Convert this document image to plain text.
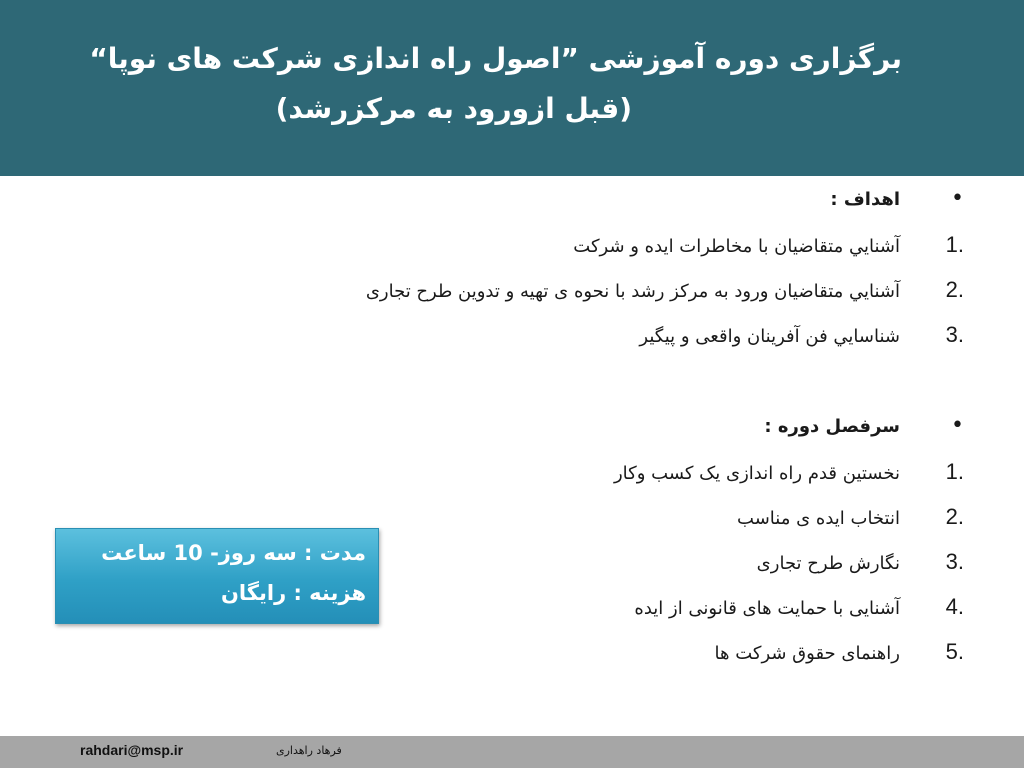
برگزاری دوره آموزشی ”اصول راه اندازی شرکت های نوپا“
(قبل ازورود به مرکزرشد)
•اهداف :
1.آشنايي متقاضيان با مخاطرات ايده و شرکت
2.آشنايي متقاضيان ورود به مرکز رشد با نحوه ی تهیه و تدوین طرح تجاری
3.شناسايي فن آفرينان واقعی و پیگیر
•سرفصل دوره :
1.نخستین قدم راه اندازی یک کسب وکار
2.انتخاب ایده ی مناسب
3.نگارش طرح تجاری
4.آشنایی با حمایت های قانونی از ایده
5.راهنمای حقوق شرکت ها
مدت : سه روز- 10 ساعت
هزینه : رایگان
rahdari@msp.ir	فرهاد راهداری
